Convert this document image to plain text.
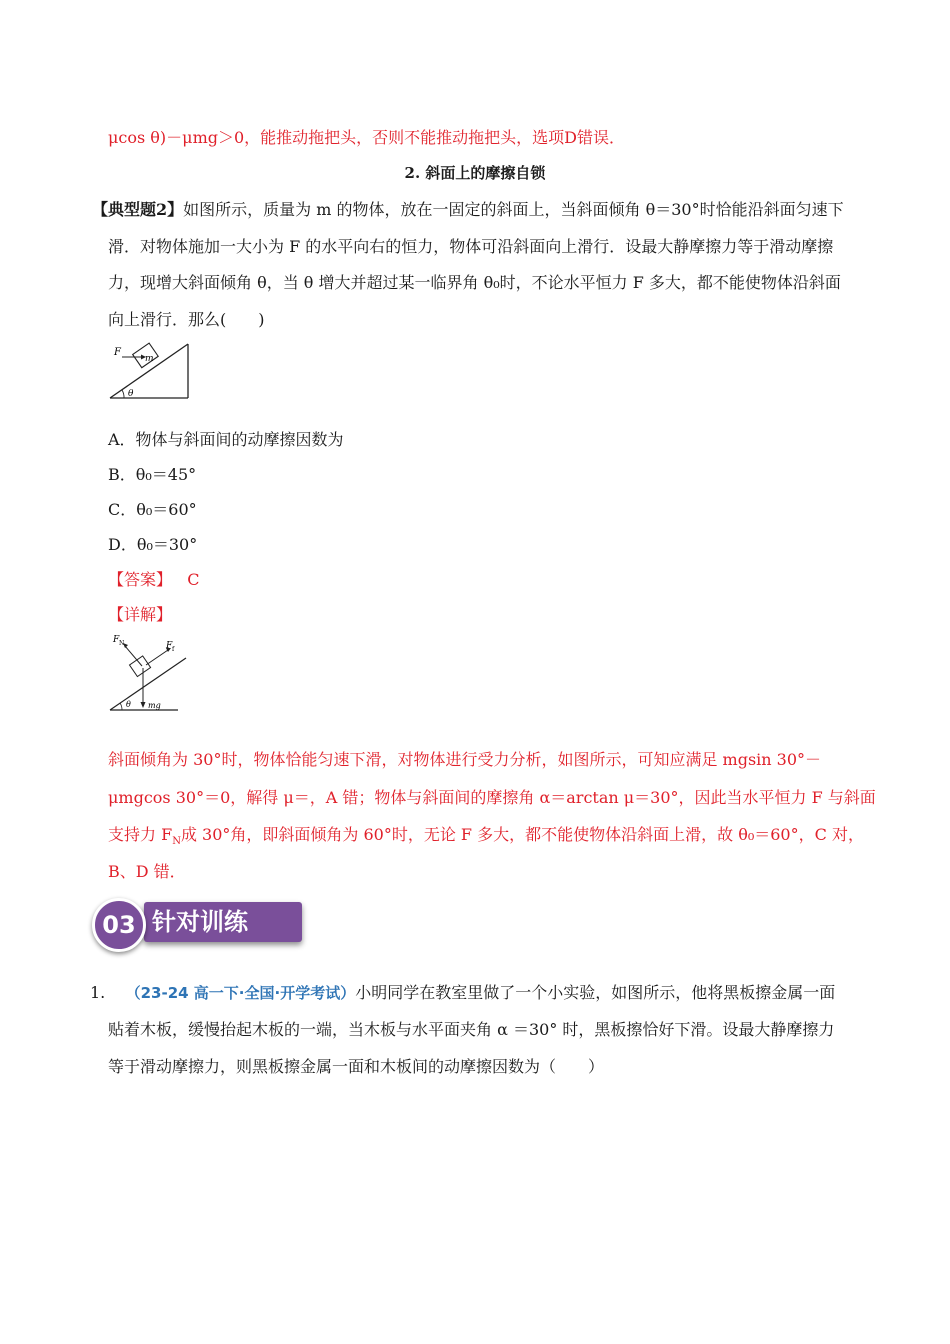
μcos θ)－μmg＞0，能推动拖把头，否则不能推动拖把头，选项D错误．
2. 斜面上的摩擦自锁
【典型题2】如图所示，质量为 m 的物体，放在一固定的斜面上，当斜面倾角 θ＝30°时恰能沿斜面匀速下
滑．对物体施加一大小为 F 的水平向右的恒力，物体可沿斜面向上滑行．设最大静摩擦力等于滑动摩擦
力，现增大斜面倾角 θ，当 θ 增大并超过某一临界角 θ₀时，不论水平恒力 F 多大，都不能使物体沿斜面
向上滑行．那么(　　)
F
m
θ
A．物体与斜面间的动摩擦因数为
B．θ₀＝45°
C．θ₀＝60°
D．θ₀＝30°
【答案】 C
【详解】
F N	F f
mg
θ
斜面倾角为 30°时，物体恰能匀速下滑，对物体进行受力分析，如图所示，可知应满足 mgsin 30°－
μmgcos 30°＝0，解得 μ＝，A 错；物体与斜面间的摩擦角 α＝arctan μ＝30°，因此当水平恒力 F 与斜面
支持力 $F_N$成 30°角，即斜面倾角为 60°时，无论 F 多大，都不能使物体沿斜面上滑，故 θ₀＝60°，C 对，
B、D 错．
03 针对训练
1. （23-24 高一下·全国·开学考试）小明同学在教室里做了一个小实验，如图所示，他将黑板擦金属一面
贴着木板，缓慢抬起木板的一端，当木板与水平面夹角 α ＝30° 时，黑板擦恰好下滑。设最大静摩擦力
等于滑动摩擦力，则黑板擦金属一面和木板间的动摩擦因数为（　　）
